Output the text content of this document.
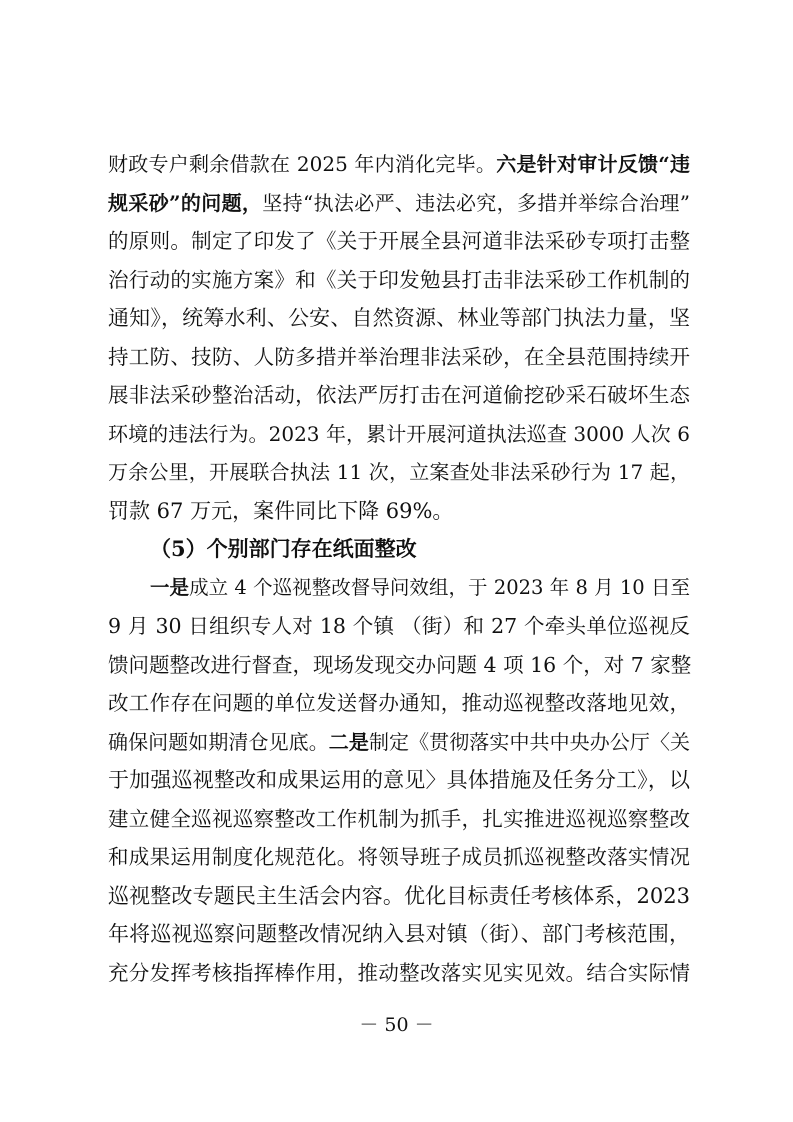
财政专户剩余借款在 2025 年内消化完毕。六是针对审计反馈“违
规采砂”的问题，坚持“执法必严、违法必究，多措并举综合治理”
的原则。制定了印发了《关于开展全县河道非法采砂专项打击整
治行动的实施方案》和《关于印发勉县打击非法采砂工作机制的
通知》，统筹水利、公安、自然资源、林业等部门执法力量，坚
持工防、技防、人防多措并举治理非法采砂，在全县范围持续开
展非法采砂整治活动，依法严厉打击在河道偷挖砂采石破坏生态
环境的违法行为。2023 年，累计开展河道执法巡查 3000 人次 6
万余公里，开展联合执法 11 次，立案查处非法采砂行为 17 起，
罚款 67 万元，案件同比下降 69%。
（5）个别部门存在纸面整改
一是成立 4 个巡视整改督导问效组，于 2023 年 8 月 10 日至
9 月 30 日组织专人对 18 个镇 （街）和 27 个牵头单位巡视反
馈问题整改进行督查，现场发现交办问题 4 项 16 个，对 7 家整
改工作存在问题的单位发送督办通知，推动巡视整改落地见效，
确保问题如期清仓见底。二是制定《贯彻落实中共中央办公厅〈关
于加强巡视整改和成果运用的意见〉具体措施及任务分工》，以
建立健全巡视巡察整改工作机制为抓手，扎实推进巡视巡察整改
和成果运用制度化规范化。将领导班子成员抓巡视整改落实情况
巡视整改专题民主生活会内容。优化目标责任考核体系，2023
年将巡视巡察问题整改情况纳入县对镇（街）、部门考核范围，
充分发挥考核指挥棒作用，推动整改落实见实见效。结合实际情
－ 50 －
